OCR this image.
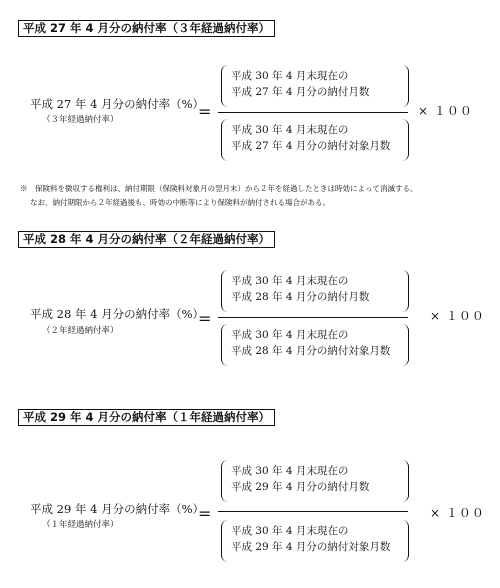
平成 27 年 4 月分の納付率（３年経過納付率）
平成 27 年 4 月分の納付率（%）
（３年経過納付率）	=
平成 30 年 4 月末現在の
平成 27 年 4 月分の納付月数
平成 30 年 4 月末現在の
平成 27 年 4 月分の納付対象月数
× １００
※　保険料を徴収する権利は、納付期限（保険料対象月の翌月末）から２年を経過したときは時効によって消滅する。
なお、納付期限から２年経過後も、時効の中断等により保険料が納付される場合がある。
平成 28 年 4 月分の納付率（２年経過納付率）
平成 28 年 4 月分の納付率（%）
（２年経過納付率）
=
平成 30 年 4 月末現在の
平成 28 年 4 月分の納付月数
平成 30 年 4 月末現在の
平成 28 年 4 月分の納付対象月数
× １００
平成 29 年 4 月分の納付率（１年経過納付率）
平成 29 年 4 月分の納付率（%）
（１年経過納付率）
=
平成 30 年 4 月末現在の
平成 29 年 4 月分の納付月数
平成 30 年 4 月末現在の
平成 29 年 4 月分の納付対象月数
× １００
